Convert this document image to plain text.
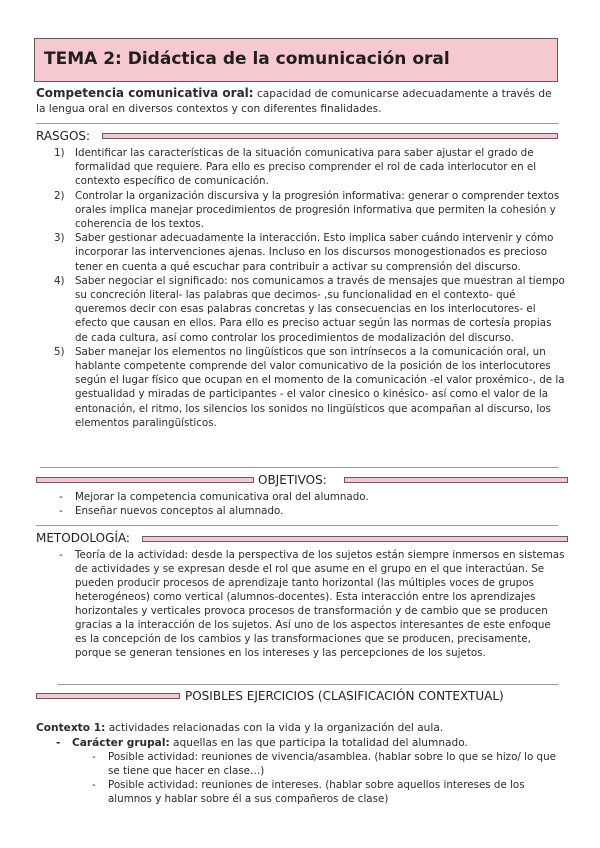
TEMA 2: Didáctica de la comunicación oral
Competencia comunicativa oral: capacidad de comunicarse adecuadamente a través de la lengua oral en diversos contextos y con diferentes finalidades.
RASGOS:
1) Identificar las características de la situación comunicativa para saber ajustar el grado de formalidad que requiere. Para ello es preciso comprender el rol de cada interlocutor en el contexto específico de comunicación.
2) Controlar la organización discursiva y la progresión informativa: generar o comprender textos orales implica manejar procedimientos de progresión informativa que permiten la cohesión y coherencia de los textos.
3) Saber gestionar adecuadamente la interacción. Esto implica saber cuándo intervenir y cómo incorporar las intervenciones ajenas. Incluso en los discursos monogestionados es precioso tener en cuenta a qué escuchar para contribuir a activar su comprensión del discurso.
4) Saber negociar el significado: nos comunicamos a través de mensajes que muestran al tiempo su concreción literal- las palabras que decimos- ,su funcionalidad en el contexto- qué queremos decir con esas palabras concretas y las consecuencias en los interlocutores- el efecto que causan en ellos. Para ello es preciso actuar según las normas de cortesía propias de cada cultura, así como controlar los procedimientos de modalización del discurso.
5) Saber manejar los elementos no lingüísticos que son intrínsecos a la comunicación oral, un hablante competente comprende del valor comunicativo de la posición de los interlocutores según el lugar físico que ocupan en el momento de la comunicación -el valor proxémico-, de la gestualidad y miradas de participantes - el valor cinesico o kinésico- así como el valor de la entonación, el ritmo, los silencios los sonidos no lingüísticos que acompañan al discurso, los elementos paralingüísticos.
OBJETIVOS:
- Mejorar la competencia comunicativa oral del alumnado.
- Enseñar nuevos conceptos al alumnado.
METODOLOGÍA:
- Teoría de la actividad: desde la perspectiva de los sujetos están siempre inmersos en sistemas de actividades y se expresan desde el rol que asume en el grupo en el que interactúan. Se pueden producir procesos de aprendizaje tanto horizontal (las múltiples voces de grupos heterogéneos) como vertical (alumnos-docentes). Esta interacción entre los aprendizajes horizontales y verticales provoca procesos de transformación y de cambio que se producen gracias a la interacción de los sujetos. Así uno de los aspectos interesantes de este enfoque es la concepción de los cambios y las transformaciones que se producen, precisamente, porque se generan tensiones en los intereses y las percepciones de los sujetos.
POSIBLES EJERCICIOS (CLASIFICACIÓN CONTEXTUAL)
Contexto 1: actividades relacionadas con la vida y la organización del aula.
- Carácter grupal: aquellas en las que participa la totalidad del alumnado.
- Posible actividad: reuniones de vivencia/asamblea. (hablar sobre lo que se hizo/ lo que se tiene que hacer en clase…)
- Posible actividad: reuniones de intereses. (hablar sobre aquellos intereses de los alumnos y hablar sobre él a sus compañeros de clase)
